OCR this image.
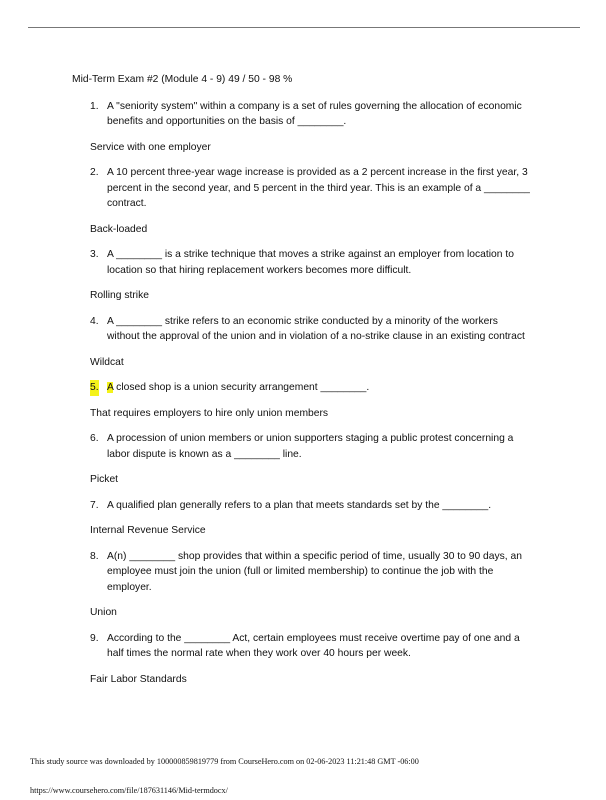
Mid-Term Exam #2 (Module 4 - 9) 49 / 50 - 98 %
1. A "seniority system" within a company is a set of rules governing the allocation of economic benefits and opportunities on the basis of ________.
Service with one employer
2. A 10 percent three-year wage increase is provided as a 2 percent increase in the first year, 3 percent in the second year, and 5 percent in the third year. This is an example of a ________ contract.
Back-loaded
3. A ________ is a strike technique that moves a strike against an employer from location to location so that hiring replacement workers becomes more difficult.
Rolling strike
4. A ________ strike refers to an economic strike conducted by a minority of the workers without the approval of the union and in violation of a no-strike clause in an existing contract
Wildcat
5. A closed shop is a union security arrangement ________.
That requires employers to hire only union members
6. A procession of union members or union supporters staging a public protest concerning a labor dispute is known as a ________ line.
Picket
7. A qualified plan generally refers to a plan that meets standards set by the ________.
Internal Revenue Service
8. A(n) ________ shop provides that within a specific period of time, usually 30 to 90 days, an employee must join the union (full or limited membership) to continue the job with the employer.
Union
9. According to the ________ Act, certain employees must receive overtime pay of one and a half times the normal rate when they work over 40 hours per week.
Fair Labor Standards
This study source was downloaded by 100000859819779 from CourseHero.com on 02-06-2023 11:21:48 GMT -06:00
https://www.coursehero.com/file/187631146/Mid-termdocx/
